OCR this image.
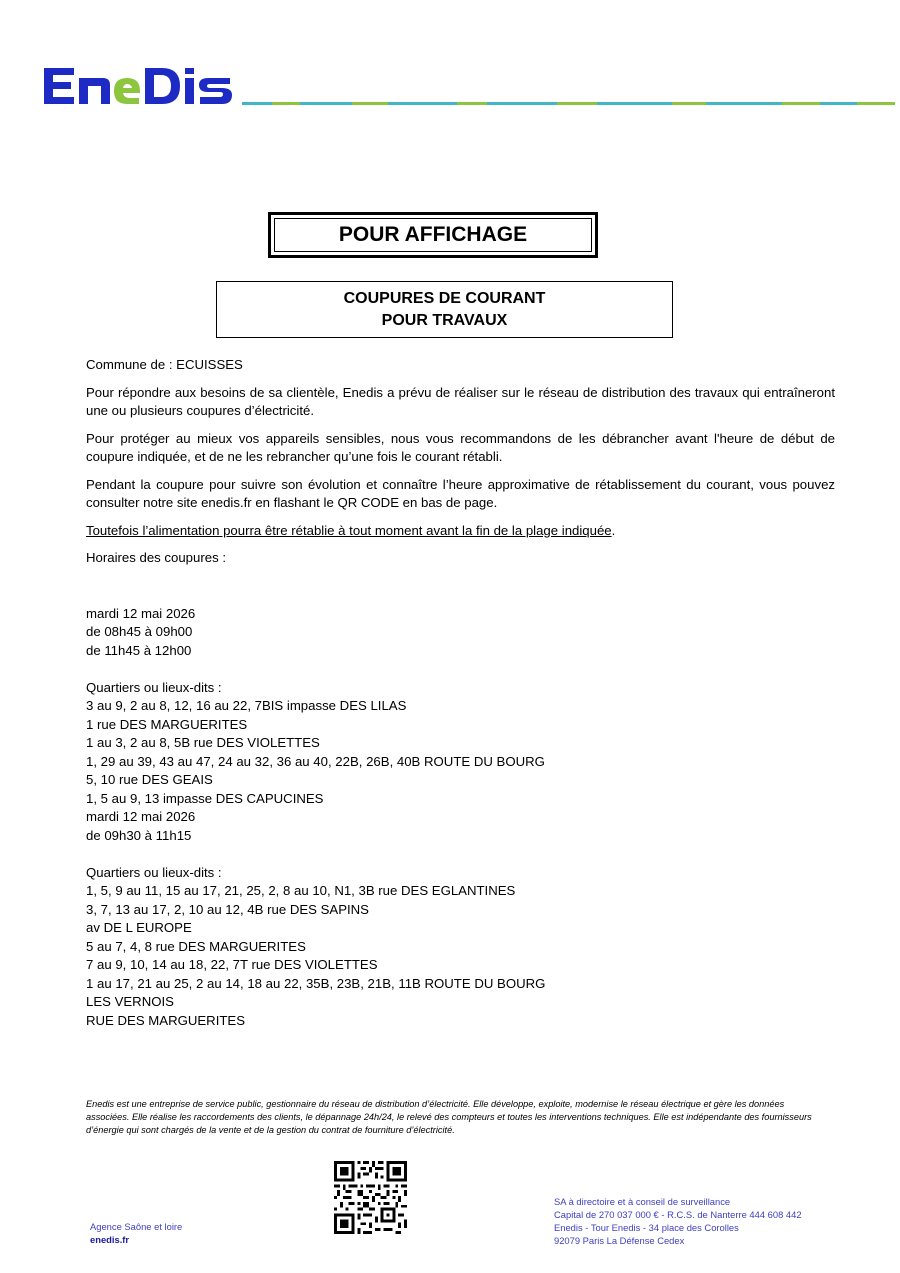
POUR AFFICHAGE
COUPURES DE COURANT
POUR TRAVAUX

Commune de : ECUISSES

Pour répondre aux besoins de sa clientèle, Enedis a prévu de réaliser sur le réseau de distribution des travaux qui entraîneront une ou plusieurs coupures d’électricité.

Pour protéger au mieux vos appareils sensibles, nous vous recommandons de les débrancher avant l'heure de début de coupure indiquée, et de ne les rebrancher qu’une fois le courant rétabli.

Pendant la coupure pour suivre son évolution et connaître l’heure approximative de rétablissement du courant, vous pouvez consulter notre site enedis.fr en flashant le QR CODE en bas de page.

Toutefois l’alimentation pourra être rétablie à tout moment avant la fin de la plage indiquée.

Horaires des coupures :

mardi 12 mai 2026
de 08h45 à 09h00
de 11h45 à 12h00
Quartiers ou lieux-dits :
3 au 9, 2 au 8, 12, 16 au 22, 7BIS impasse DES LILAS
1 rue DES MARGUERITES
1 au 3, 2 au 8, 5B rue DES VIOLETTES
1, 29 au 39, 43 au 47, 24 au 32, 36 au 40, 22B, 26B, 40B ROUTE DU BOURG
5, 10 rue DES GEAIS
1, 5 au 9, 13 impasse DES CAPUCINES
mardi 12 mai 2026
de 09h30 à 11h15
Quartiers ou lieux-dits :
1, 5, 9 au 11, 15 au 17, 21, 25, 2, 8 au 10, N1, 3B rue DES EGLANTINES
3, 7, 13 au 17, 2, 10 au 12, 4B rue DES SAPINS
av DE L EUROPE
5 au 7, 4, 8 rue DES MARGUERITES
7 au 9, 10, 14 au 18, 22, 7T rue DES VIOLETTES
1 au 17, 21 au 25, 2 au 14, 18 au 22, 35B, 23B, 21B, 11B ROUTE DU BOURG
LES VERNOIS
RUE DES MARGUERITES
Enedis est une entreprise de service public, gestionnaire du réseau de distribution d’électricité. Elle développe, exploite, modernise le réseau électrique et gère les données associées. Elle réalise les raccordements des clients, le dépannage 24h/24, le relevé des compteurs et toutes les interventions techniques. Elle est indépendante des fournisseurs d’énergie qui sont chargés de la vente et de la gestion du contrat de fourniture d’électricité.
Agence Saône et loire
enedis.fr
SA à directoire et à conseil de surveillance
Capital de 270 037 000 € - R.C.S. de Nanterre 444 608 442
Enedis - Tour Enedis - 34 place des Corolles
92079 Paris La Défense Cedex
